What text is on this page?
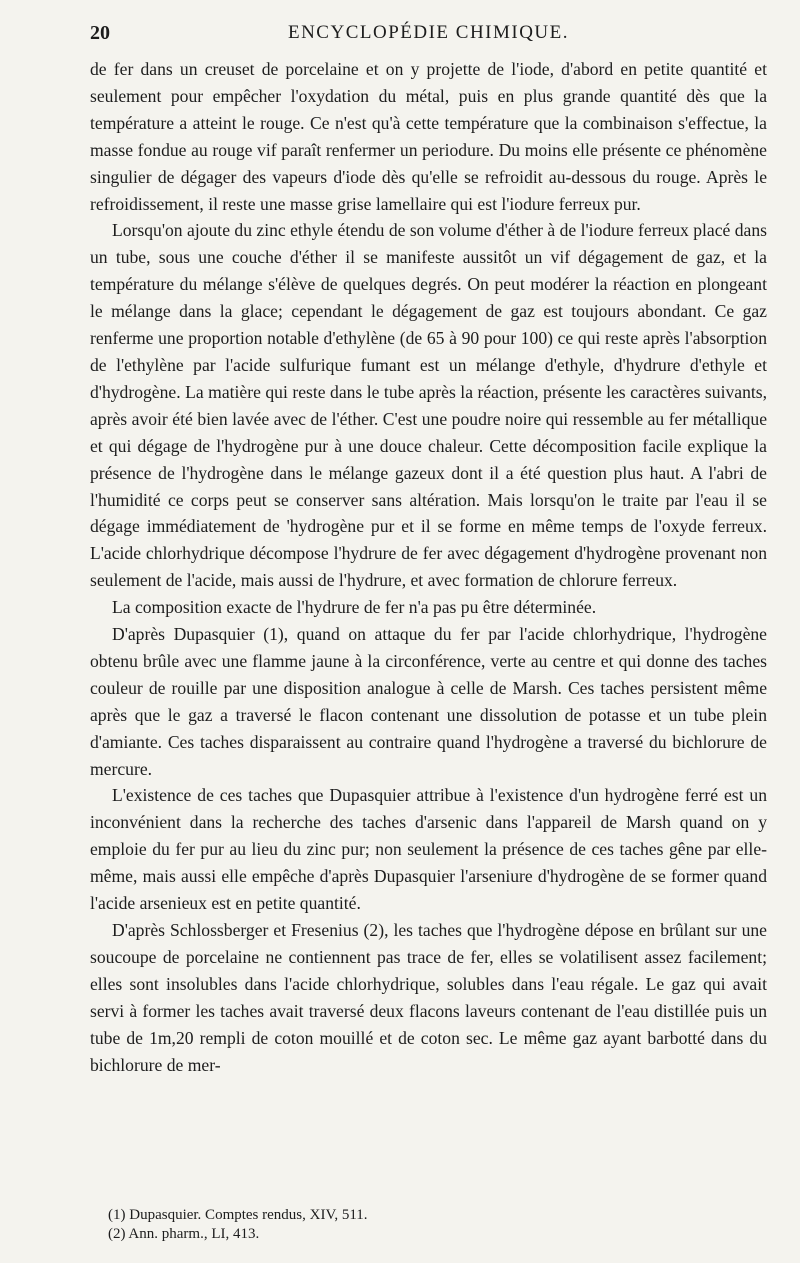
20	ENCYCLOPÉDIE CHIMIQUE.

de fer dans un creuset de porcelaine et on y projette de l'iode, d'abord en petite quantité et seulement pour empêcher l'oxydation du métal, puis en plus grande quantité dès que la température a atteint le rouge. Ce n'est qu'à cette température que la combinaison s'effectue, la masse fondue au rouge vif paraît renfermer un periodure. Du moins elle présente ce phénomène singulier de dégager des vapeurs d'iode dès qu'elle se refroidit au-dessous du rouge. Après le refroidissement, il reste une masse grise lamellaire qui est l'iodure ferreux pur.

Lorsqu'on ajoute du zinc ethyle étendu de son volume d'éther à de l'iodure ferreux placé dans un tube, sous une couche d'éther il se manifeste aussitôt un vif dégagement de gaz, et la température du mélange s'élève de quelques degrés. On peut modérer la réaction en plongeant le mélange dans la glace; cependant le dégagement de gaz est toujours abondant. Ce gaz renferme une proportion notable d'ethylène (de 65 à 90 pour 100) ce qui reste après l'absorption de l'ethylène par l'acide sulfurique fumant est un mélange d'ethyle, d'hydrure d'ethyle et d'hydrogène. La matière qui reste dans le tube après la réaction, présente les caractères suivants, après avoir été bien lavée avec de l'éther. C'est une poudre noire qui ressemble au fer métallique et qui dégage de l'hydrogène pur à une douce chaleur. Cette décomposition facile explique la présence de l'hydrogène dans le mélange gazeux dont il a été question plus haut. A l'abri de l'humidité ce corps peut se conserver sans altération. Mais lorsqu'on le traite par l'eau il se dégage immédiatement de 'hydrogène pur et il se forme en même temps de l'oxyde ferreux. L'acide chlorhydrique décompose l'hydrure de fer avec dégagement d'hydrogène provenant non seulement de l'acide, mais aussi de l'hydrure, et avec formation de chlorure ferreux.

La composition exacte de l'hydrure de fer n'a pas pu être déterminée.

D'après Dupasquier (1), quand on attaque du fer par l'acide chlorhydrique, l'hydrogène obtenu brûle avec une flamme jaune à la circonférence, verte au centre et qui donne des taches couleur de rouille par une disposition analogue à celle de Marsh. Ces taches persistent même après que le gaz a traversé le flacon contenant une dissolution de potasse et un tube plein d'amiante. Ces taches disparaissent au contraire quand l'hydrogène a traversé du bichlorure de mercure.

L'existence de ces taches que Dupasquier attribue à l'existence d'un hydrogène ferré est un inconvénient dans la recherche des taches d'arsenic dans l'appareil de Marsh quand on y emploie du fer pur au lieu du zinc pur; non seulement la présence de ces taches gêne par elle-même, mais aussi elle empêche d'après Dupasquier l'arseniure d'hydrogène de se former quand l'acide arsenieux est en petite quantité.

D'après Schlossberger et Fresenius (2), les taches que l'hydrogène dépose en brûlant sur une soucoupe de porcelaine ne contiennent pas trace de fer, elles se volatilisent assez facilement; elles sont insolubles dans l'acide chlorhydrique, solubles dans l'eau régale. Le gaz qui avait servi à former les taches avait traversé deux flacons laveurs contenant de l'eau distillée puis un tube de 1m,20 rempli de coton mouillé et de coton sec. Le même gaz ayant barbotté dans du bichlorure de mer-

(1) Dupasquier. Comptes rendus, XIV, 511.

(2) Ann. pharm., LI, 413.
